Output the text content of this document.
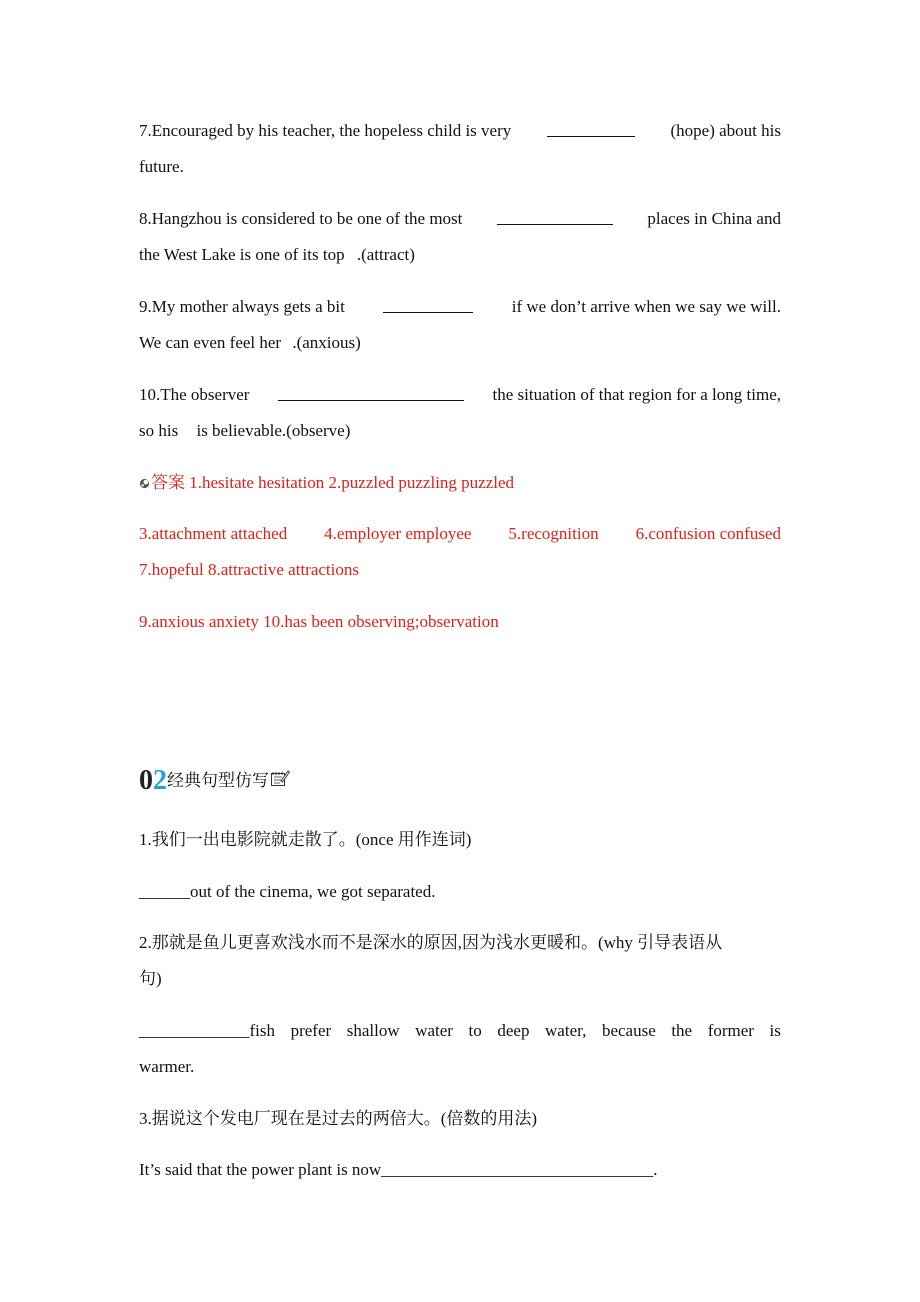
7.Encouraged by his teacher, the hopeless child is very	(hope) about his
future.
8.Hangzhou is considered to be one of the most	places in China and
the West Lake is one of its top .(attract)
9.My mother always gets a bit	if we don’t arrive when we say we will.
We can even feel her .(anxious)
10.The observer	the situation of that region for a long time,
so his is believable.(observe)
答案 1.hesitate hesitation 2.puzzled puzzling puzzled
3.attachment attached 4.employer employee 5.recognition 6.confusion confused
7.hopeful 8.attractive attractions
9.anxious anxiety 10.has been observing;observation
02经典句型仿写
1.我们一出电影院就走散了。(once 用作连词)
______out of the cinema, we got separated.
2.那就是鱼儿更喜欢浅水而不是深水的原因,因为浅水更暖和。(why 引导表语从
句)
_____________fish prefer shallow water to deep water, because the former is
warmer.
3.据说这个发电厂现在是过去的两倍大。(倍数的用法)
It’s said that the power plant is now________________________________.
